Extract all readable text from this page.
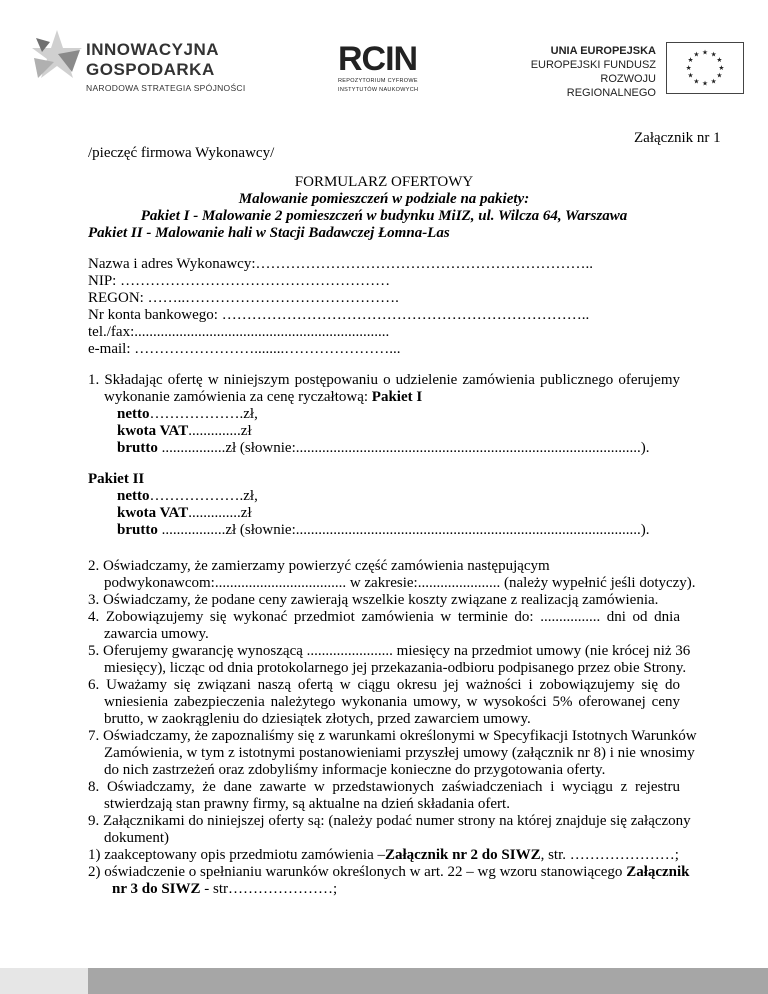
INNOWACYJNA
GOSPODARKA
NARODOWA STRATEGIA SPÓJNOŚCI
RCIN
REPOZYTORIUM CYFROWE
INSTYTUTÓW NAUKOWYCH
UNIA EUROPEJSKA
EUROPEJSKI FUNDUSZ
ROZWOJU REGIONALNEGO
★ ★
★
★
★
★
★
★
★
★
★
★
Załącznik nr 1
/pieczęć firmowa Wykonawcy/
FORMULARZ OFERTOWY
Malowanie pomieszczeń w podziale na pakiety:
Pakiet I - Malowanie 2 pomieszczeń w budynku MiIZ, ul. Wilcza 64, Warszawa
Pakiet II - Malowanie hali w Stacji Badawczej Łomna-Las
Nazwa i adres Wykonawcy:…………………………………………………………..
NIP: ………………………………………………
REGON: ……..…………………………………….
Nr konta bankowego: ………………………………………………………………..
tel./fax:....................................................................
e-mail: ……………………........…………………...
1. Składając ofertę w niniejszym postępowaniu o udzielenie zamówienia publicznego oferujemy
wykonanie zamówienia za cenę ryczałtową: Pakiet I
netto……………….zł,
kwota VAT..............zł
brutto .................zł (słownie:............................................................................................).
Pakiet II
netto……………….zł,
kwota VAT..............zł
brutto .................zł (słownie:............................................................................................).
2. Oświadczamy, że zamierzamy powierzyć część zamówienia następującym
podwykonawcom:................................... w zakresie:...................... (należy wypełnić jeśli dotyczy).
3. Oświadczamy, że podane ceny zawierają wszelkie koszty związane z realizacją zamówienia.
4. Zobowiązujemy się wykonać przedmiot zamówienia w terminie do: ................ dni od dnia
zawarcia umowy.
5. Oferujemy gwarancję wynoszącą ....................... miesięcy na przedmiot umowy (nie krócej niż 36
miesięcy), licząc od dnia protokolarnego jej przekazania-odbioru podpisanego przez obie Strony.
6. Uważamy się związani naszą ofertą w ciągu okresu jej ważności i zobowiązujemy się do
wniesienia zabezpieczenia należytego wykonania umowy, w wysokości 5% oferowanej ceny
brutto, w zaokrągleniu do dziesiątek złotych, przed zawarciem umowy.
7. Oświadczamy, że zapoznaliśmy się z warunkami określonymi w Specyfikacji Istotnych Warunków
Zamówienia, w tym z istotnymi postanowieniami przyszłej umowy (załącznik nr 8) i nie wnosimy
do nich zastrzeżeń oraz zdobyliśmy informacje konieczne do przygotowania oferty.
8. Oświadczamy, że dane zawarte w przedstawionych zaświadczeniach i wyciągu z rejestru
stwierdzają stan prawny firmy, są aktualne na dzień składania ofert.
9. Załącznikami do niniejszej oferty są: (należy podać numer strony na której znajduje się załączony
dokument)
1) zaakceptowany opis przedmiotu zamówienia –Załącznik nr 2 do SIWZ, str. …………………;
2) oświadczenie o spełnianiu warunków określonych w art. 22 – wg wzoru stanowiącego Załącznik
nr 3 do SIWZ - str…………………;
